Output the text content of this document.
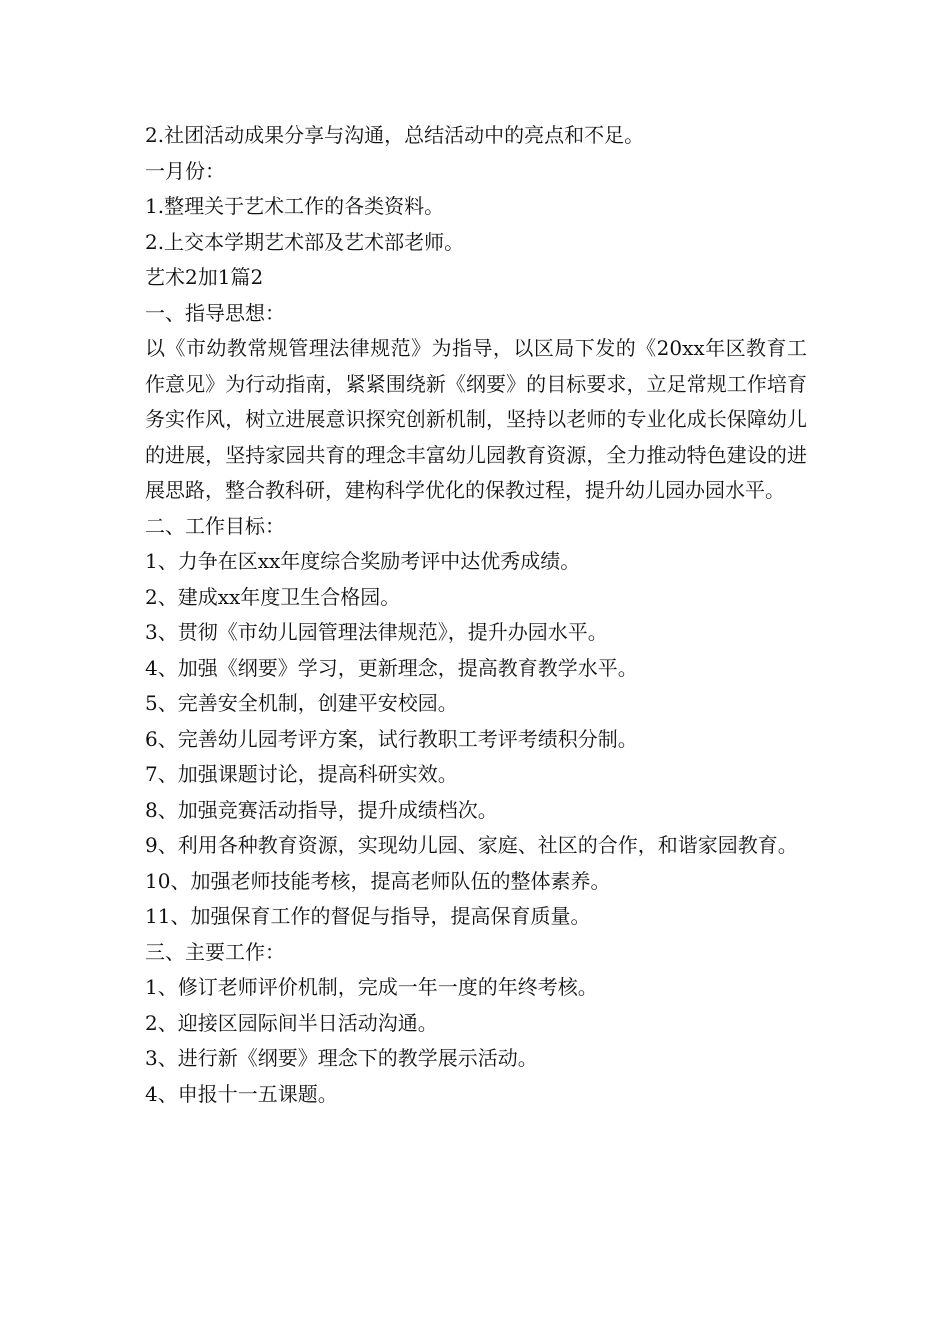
2.社团活动成果分享与沟通，总结活动中的亮点和不足。
一月份：
1.整理关于艺术工作的各类资料。
2.上交本学期艺术部及艺术部老师。
艺术2加1篇2
一、指导思想：
以《市幼教常规管理法律规范》为指导，以区局下发的《20xx年区教育工作意见》为行动指南，紧紧围绕新《纲要》的目标要求，立足常规工作培育务实作风，树立进展意识探究创新机制，坚持以老师的专业化成长保障幼儿的进展，坚持家园共育的理念丰富幼儿园教育资源，全力推动特色建设的进展思路，整合教科研，建构科学优化的保教过程，提升幼儿园办园水平。
二、工作目标：
1、力争在区xx年度综合奖励考评中达优秀成绩。
2、建成xx年度卫生合格园。
3、贯彻《市幼儿园管理法律规范》，提升办园水平。
4、加强《纲要》学习，更新理念，提高教育教学水平。
5、完善安全机制，创建平安校园。
6、完善幼儿园考评方案，试行教职工考评考绩积分制。
7、加强课题讨论，提高科研实效。
8、加强竞赛活动指导，提升成绩档次。
9、利用各种教育资源，实现幼儿园、家庭、社区的合作，和谐家园教育。
10、加强老师技能考核，提高老师队伍的整体素养。
11、加强保育工作的督促与指导，提高保育质量。
三、主要工作：
1、修订老师评价机制，完成一年一度的年终考核。
2、迎接区园际间半日活动沟通。
3、进行新《纲要》理念下的教学展示活动。
4、申报十一五课题。
